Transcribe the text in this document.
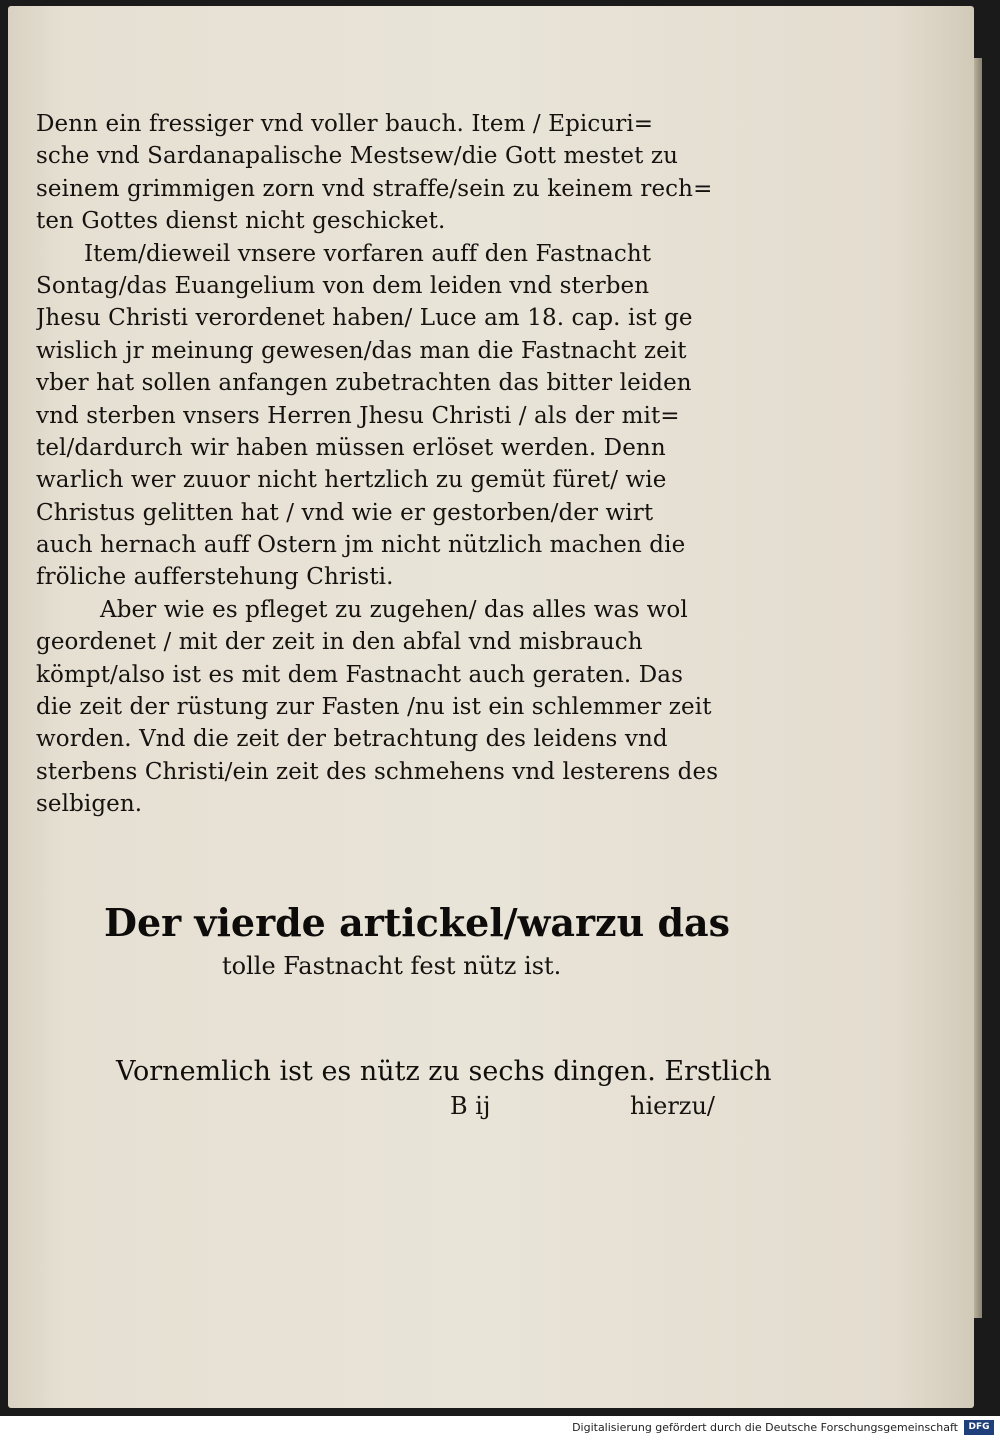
Denn ein fressiger vnd voller bauch. Item / Epicuri=
sche vnd Sardanapalische Mestsew/die Gott mestet zu
seinem grimmigen zorn vnd straffe/sein zu keinem rech=
ten Gottes dienst nicht geschicket.
Item/dieweil vnsere vorfaren auff den Fastnacht
Sontag/das Euangelium von dem leiden vnd sterben
Jhesu Christi verordenet haben/ Luce am 18. cap. ist ge
wislich jr meinung gewesen/das man die Fastnacht zeit
vber hat sollen anfangen zubetrachten das bitter leiden
vnd sterben vnsers Herren Jhesu Christi / als der mit=
tel/dardurch wir haben müssen erlöset werden. Denn
warlich wer zuuor nicht hertzlich zu gemüt füret/ wie
Christus gelitten hat / vnd wie er gestorben/der wirt
auch hernach auff Ostern jm nicht nützlich machen die
fröliche aufferstehung Christi.
Aber wie es pfleget zu zugehen/ das alles was wol
geordenet / mit der zeit in den abfal vnd misbrauch
kömpt/also ist es mit dem Fastnacht auch geraten. Das
die zeit der rüstung zur Fasten /nu ist ein schlemmer zeit
worden. Vnd die zeit der betrachtung des leidens vnd
sterbens Christi/ein zeit des schmehens vnd lesterens des
selbigen.
Der vierde artickel/warzu das
tolle Fastnacht fest nütz ist.
Vornemlich ist es nütz zu sechs dingen. Erstlich
B ij	hierzu/
Digitalisierung gefördert durch die Deutsche Forschungsgemeinschaft	DFG
